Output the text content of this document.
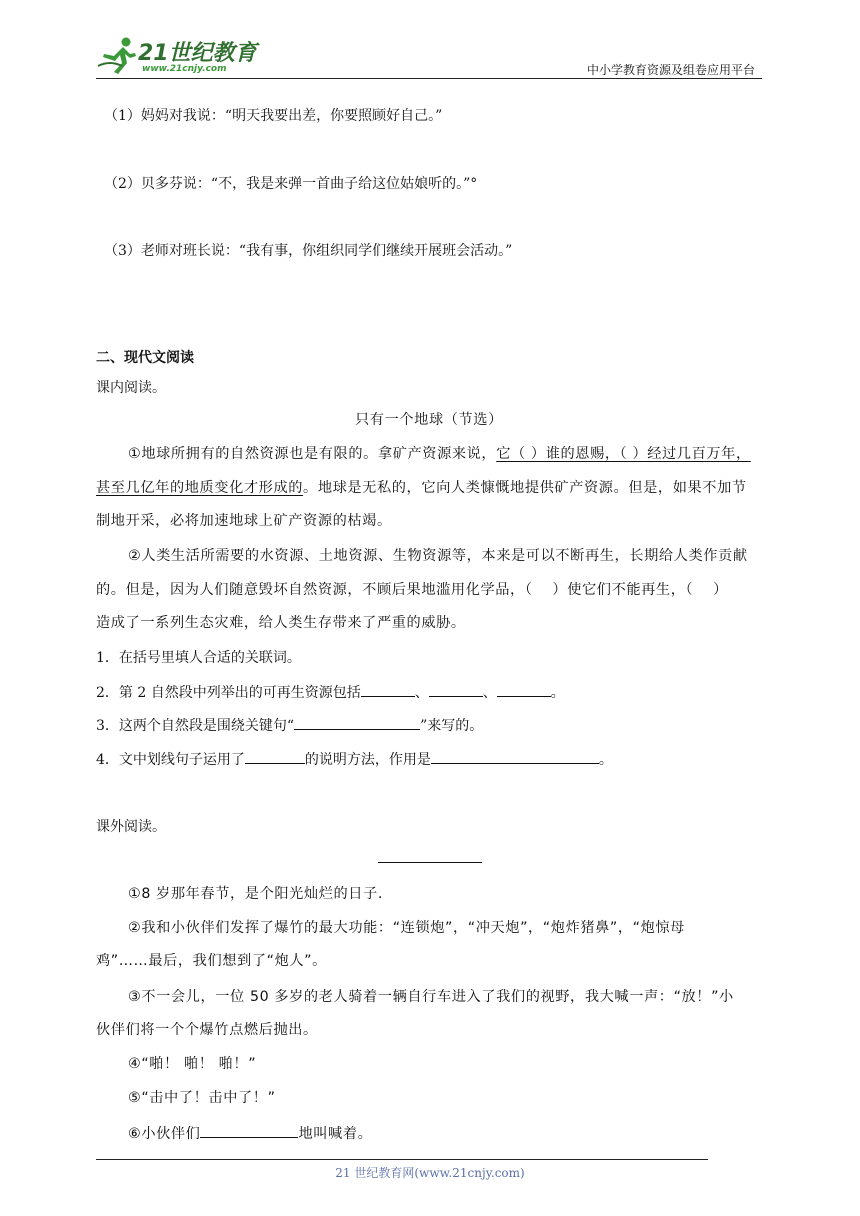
21世纪教育
www.21cnjy.com	中小学教育资源及组卷应用平台
（1）妈妈对我说：“明天我要出差，你要照顾好自己。”
（2）贝多芬说：“不，我是来弹一首曲子给这位姑娘听的。”°
（3）老师对班长说：“我有事，你组织同学们继续开展班会活动。”
二、现代文阅读
课内阅读。
只有一个地球（节选）
①地球所拥有的自然资源也是有限的。拿矿产资源来说，它（ ）谁的恩赐，（ ）经过几百万年，
甚至几亿年的地质变化才形成的。地球是无私的，它向人类慷慨地提供矿产资源。但是，如果不加节
制地开采，必将加速地球上矿产资源的枯竭。
②人类生活所需要的水资源、土地资源、生物资源等，本来是可以不断再生，长期给人类作贡献
的。但是，因为人们随意毁坏自然资源，不顾后果地滥用化学品，（　 ）使它们不能再生，（　 ）
造成了一系列生态灾难，给人类生存带来了严重的威胁。
1．在括号里填人合适的关联词。
2．第 2 自然段中列举出的可再生资源包括	、	、	。
3．这两个自然段是围绕关键句“	”来写的。
4．文中划线句子运用了	的说明方法，作用是	。
课外阅读。
①8 岁那年春节，是个阳光灿烂的日子.
②我和小伙伴们发挥了爆竹的最大功能：“连锁炮”，“冲天炮”，“炮炸猪鼻”，“炮惊母
鸡”……最后，我们想到了“炮人”。
③不一会儿，一位 50 多岁的老人骑着一辆自行车进入了我们的视野，我大喊一声：“放！”小
伙伴们将一个个爆竹点燃后抛出。
④“啪！ 啪！ 啪！”
⑤“击中了！击中了！”
⑥小伙伴们	地叫喊着。
21 世纪教育网(www.21cnjy.com)
